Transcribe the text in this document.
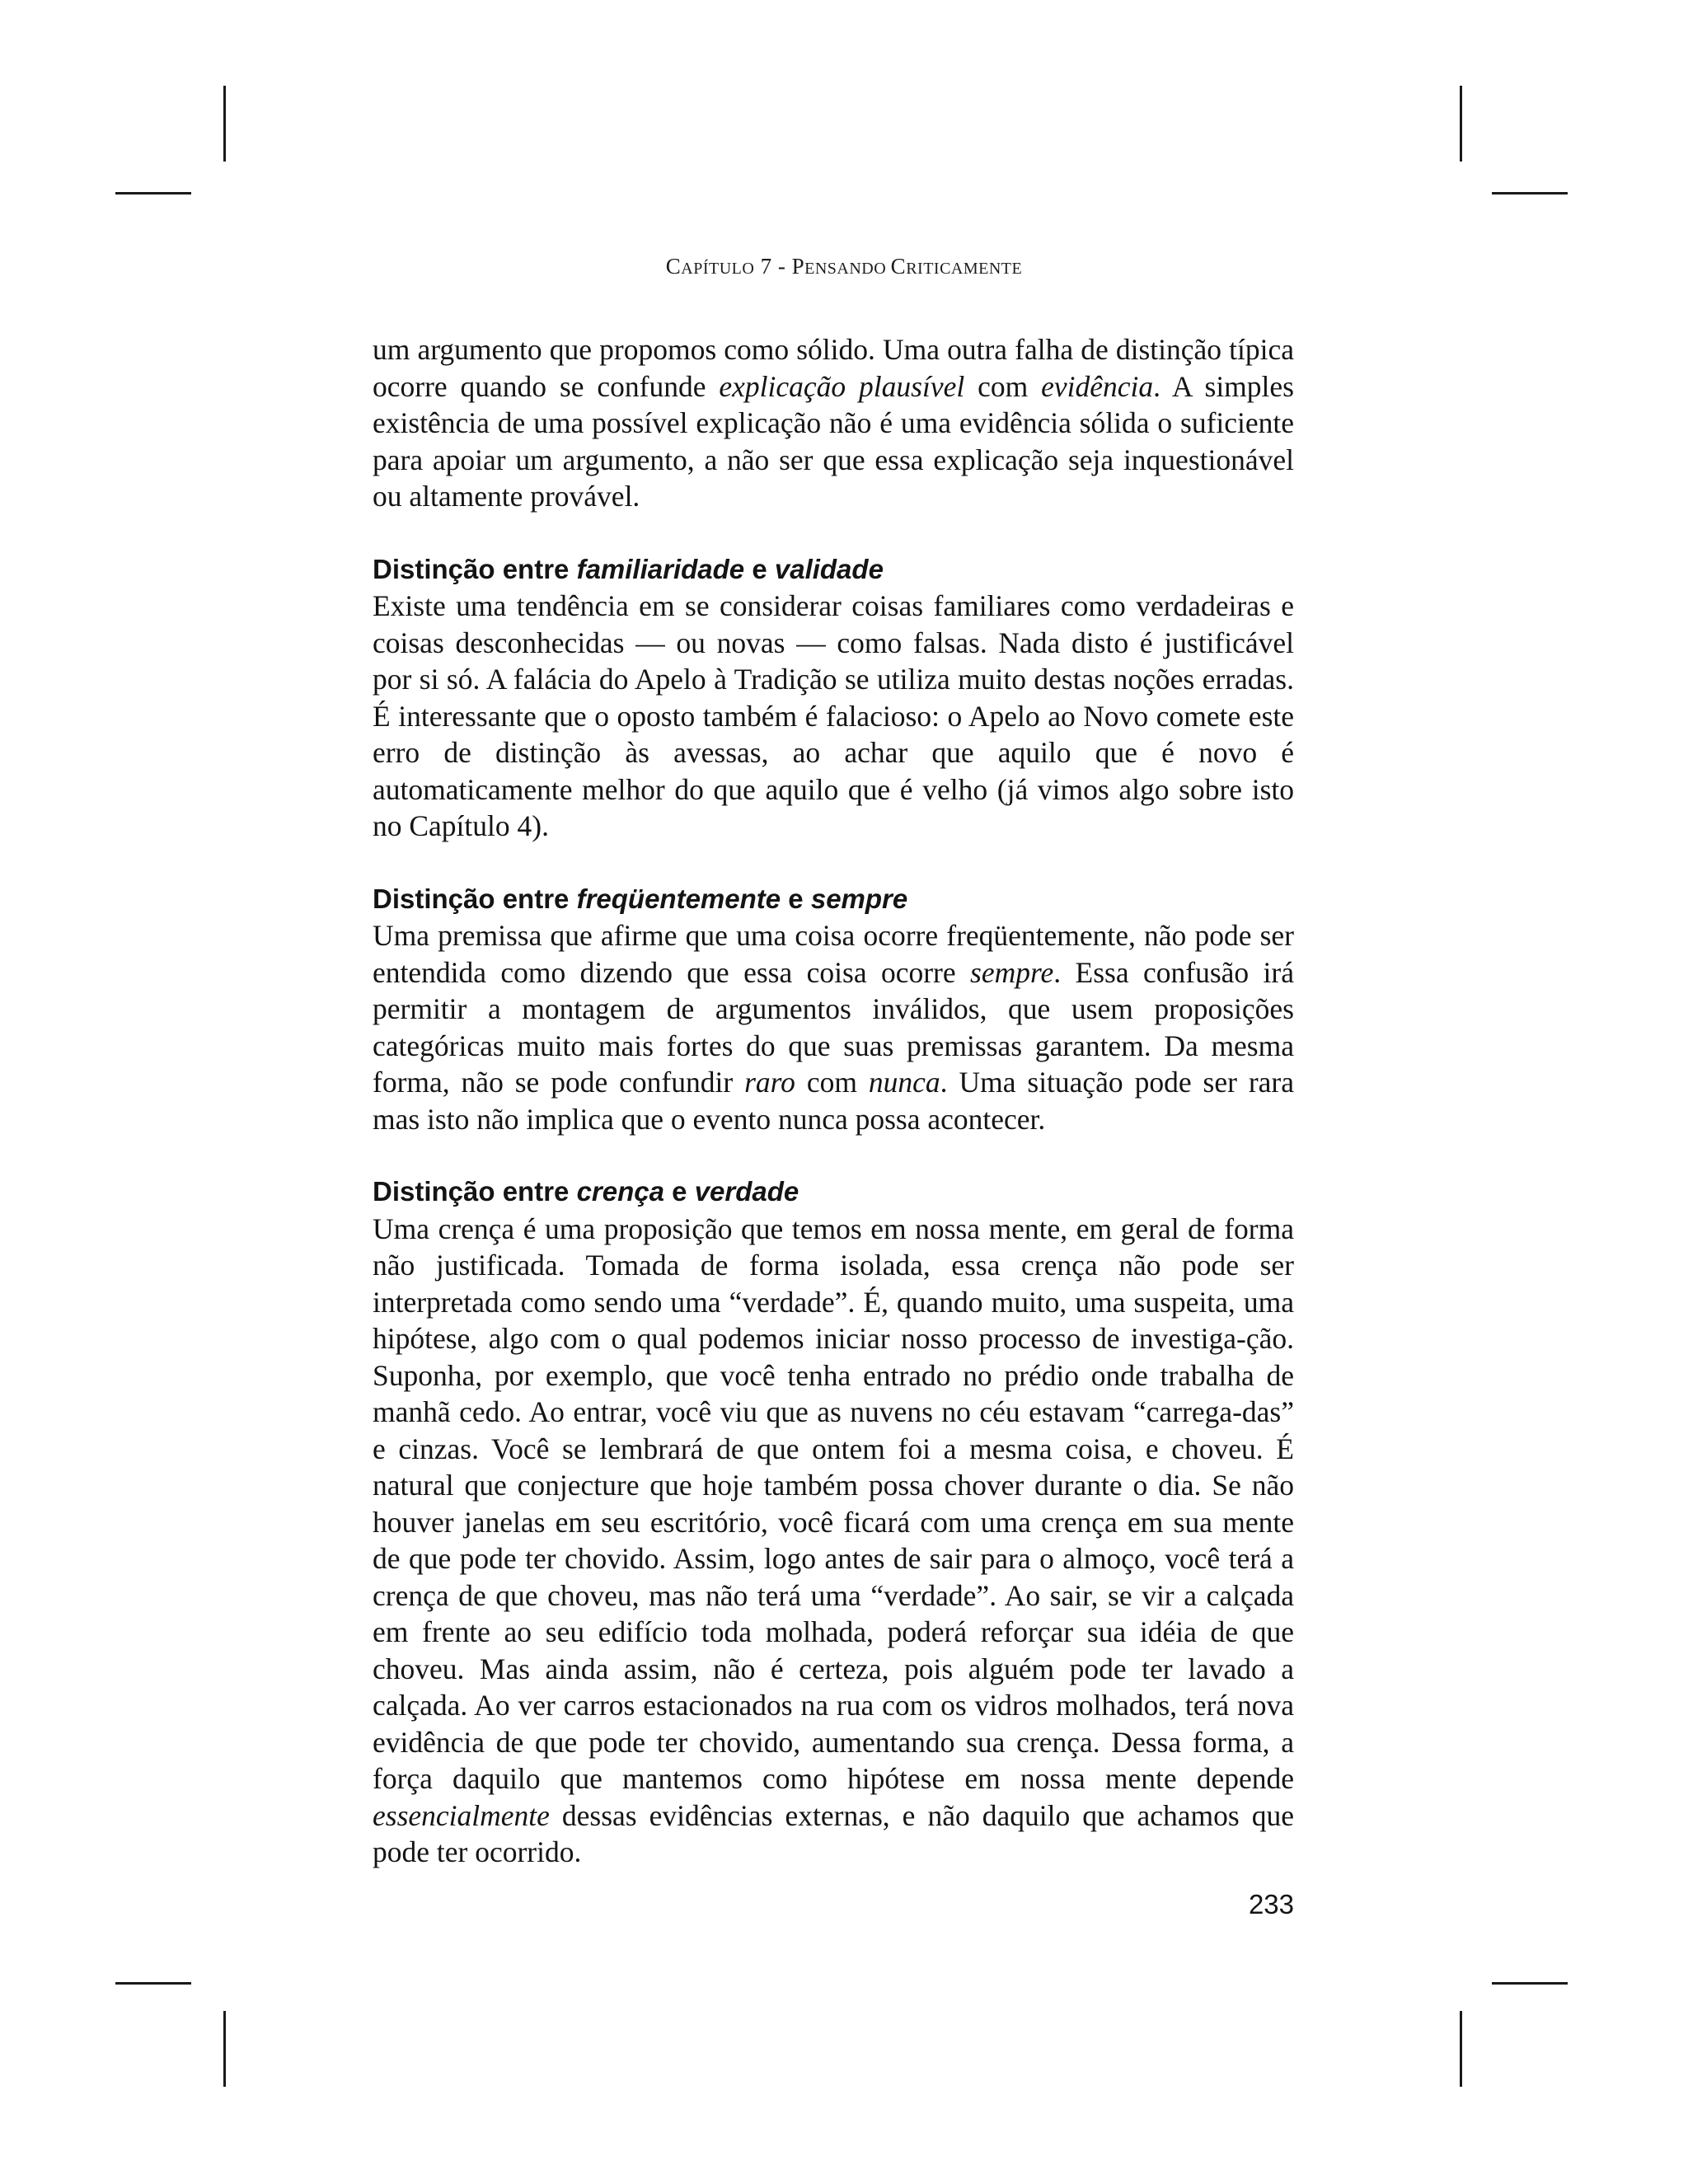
CAPÍTULO 7 - PENSANDO CRITICAMENTE

um argumento que propomos como sólido. Uma outra falha de distinção típica ocorre quando se confunde explicação plausível com evidência. A simples existência de uma possível explicação não é uma evidência sólida o suficiente para apoiar um argumento, a não ser que essa explicação seja inquestionável ou altamente provável.

Distinção entre familiaridade e validade

Existe uma tendência em se considerar coisas familiares como verdadeiras e coisas desconhecidas — ou novas — como falsas. Nada disto é justificável por si só. A falácia do Apelo à Tradição se utiliza muito destas noções erradas. É interessante que o oposto também é falacioso: o Apelo ao Novo comete este erro de distinção às avessas, ao achar que aquilo que é novo é automaticamente melhor do que aquilo que é velho (já vimos algo sobre isto no Capítulo 4).

Distinção entre freqüentemente e sempre

Uma premissa que afirme que uma coisa ocorre freqüentemente, não pode ser entendida como dizendo que essa coisa ocorre sempre. Essa confusão irá permitir a montagem de argumentos inválidos, que usem proposições categóricas muito mais fortes do que suas premissas garantem. Da mesma forma, não se pode confundir raro com nunca. Uma situação pode ser rara mas isto não implica que o evento nunca possa acontecer.

Distinção entre crença e verdade

Uma crença é uma proposição que temos em nossa mente, em geral de forma não justificada. Tomada de forma isolada, essa crença não pode ser interpretada como sendo uma “verdade”. É, quando muito, uma suspeita, uma hipótese, algo com o qual podemos iniciar nosso processo de investiga-ção. Suponha, por exemplo, que você tenha entrado no prédio onde trabalha de manhã cedo. Ao entrar, você viu que as nuvens no céu estavam “carrega-das” e cinzas. Você se lembrará de que ontem foi a mesma coisa, e choveu. É natural que conjecture que hoje também possa chover durante o dia. Se não houver janelas em seu escritório, você ficará com uma crença em sua mente de que pode ter chovido. Assim, logo antes de sair para o almoço, você terá a crença de que choveu, mas não terá uma “verdade”. Ao sair, se vir a calçada em frente ao seu edifício toda molhada, poderá reforçar sua idéia de que choveu. Mas ainda assim, não é certeza, pois alguém pode ter lavado a calçada. Ao ver carros estacionados na rua com os vidros molhados, terá nova evidência de que pode ter chovido, aumentando sua crença. Dessa forma, a força daquilo que mantemos como hipótese em nossa mente depende essencialmente dessas evidências externas, e não daquilo que achamos que pode ter ocorrido.

233
